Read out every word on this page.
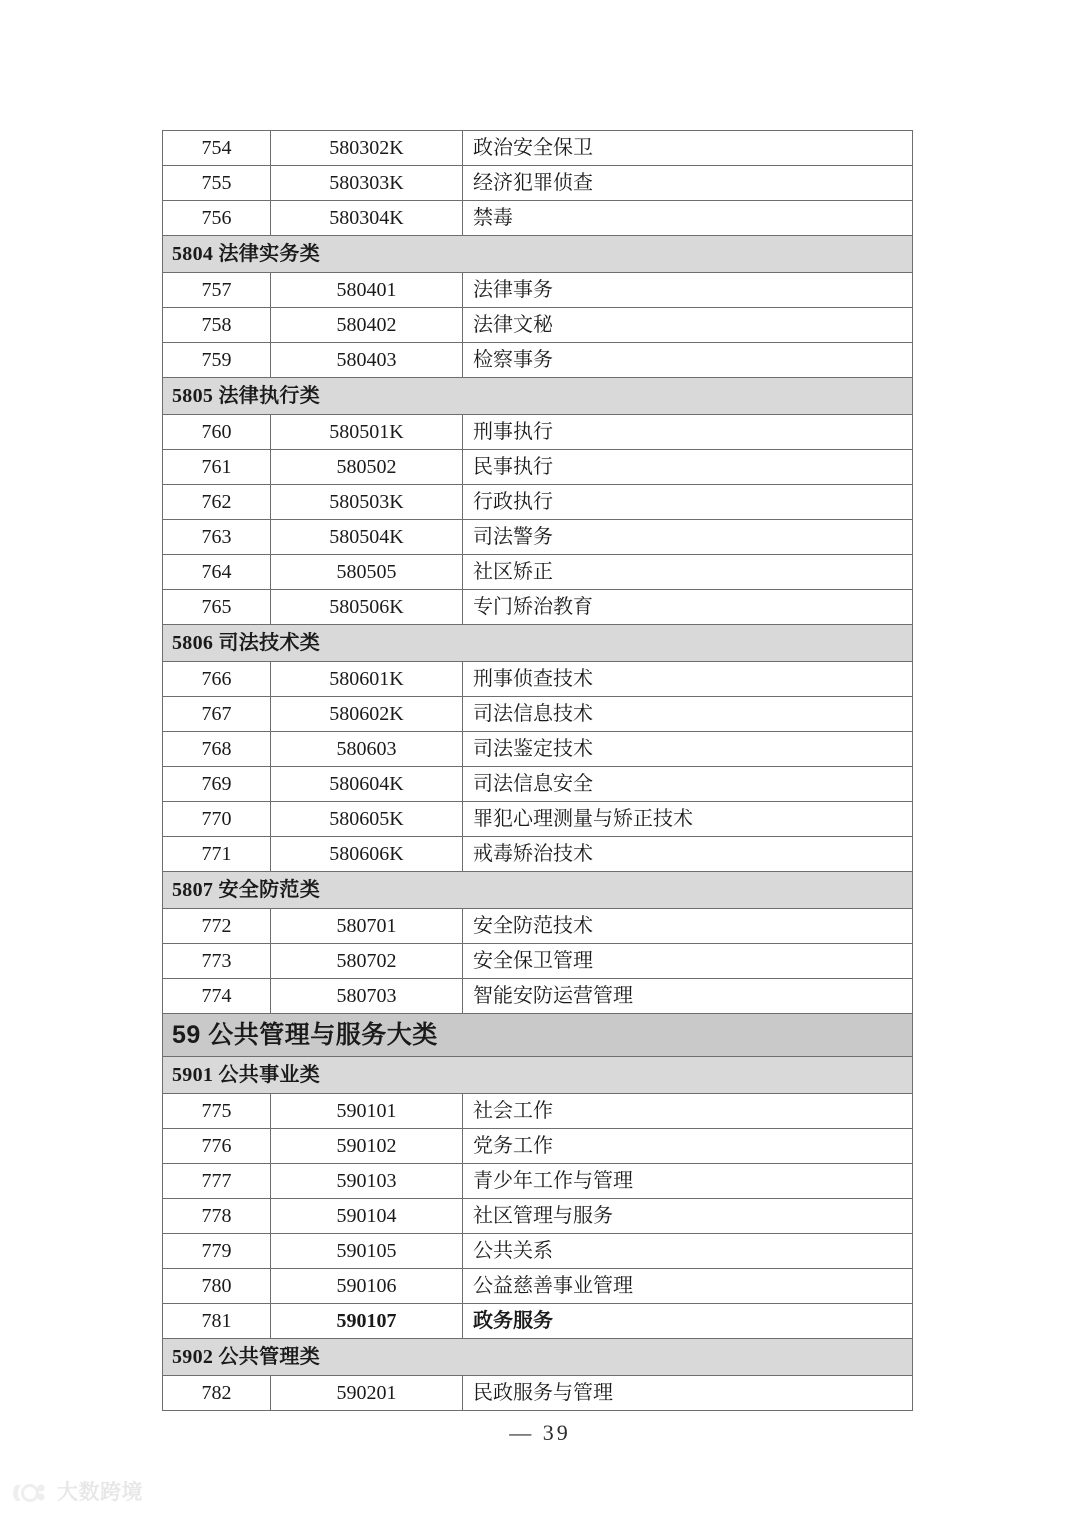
754	580302K	政治安全保卫
755	580303K	经济犯罪侦查
756	580304K	禁毒
5804 法律实务类		
757	580401	法律事务
758	580402	法律文秘
759	580403	检察事务
5805 法律执行类		
760	580501K	刑事执行
761	580502	民事执行
762	580503K	行政执行
763	580504K	司法警务
764	580505	社区矫正
765	580506K	专门矫治教育
5806 司法技术类		
766	580601K	刑事侦查技术
767	580602K	司法信息技术
768	580603	司法鉴定技术
769	580604K	司法信息安全
770	580605K	罪犯心理测量与矫正技术
771	580606K	戒毒矫治技术
5807 安全防范类		
772	580701	安全防范技术
773	580702	安全保卫管理
774	580703	智能安防运营管理
59 公共管理与服务大类		
5901 公共事业类		
775	590101	社会工作
776	590102	党务工作
777	590103	青少年工作与管理
778	590104	社区管理与服务
779	590105	公共关系
780	590106	公益慈善事业管理
781	590107	政务服务
5902 公共管理类		
782	590201	民政服务与管理
— 39
大数跨境
